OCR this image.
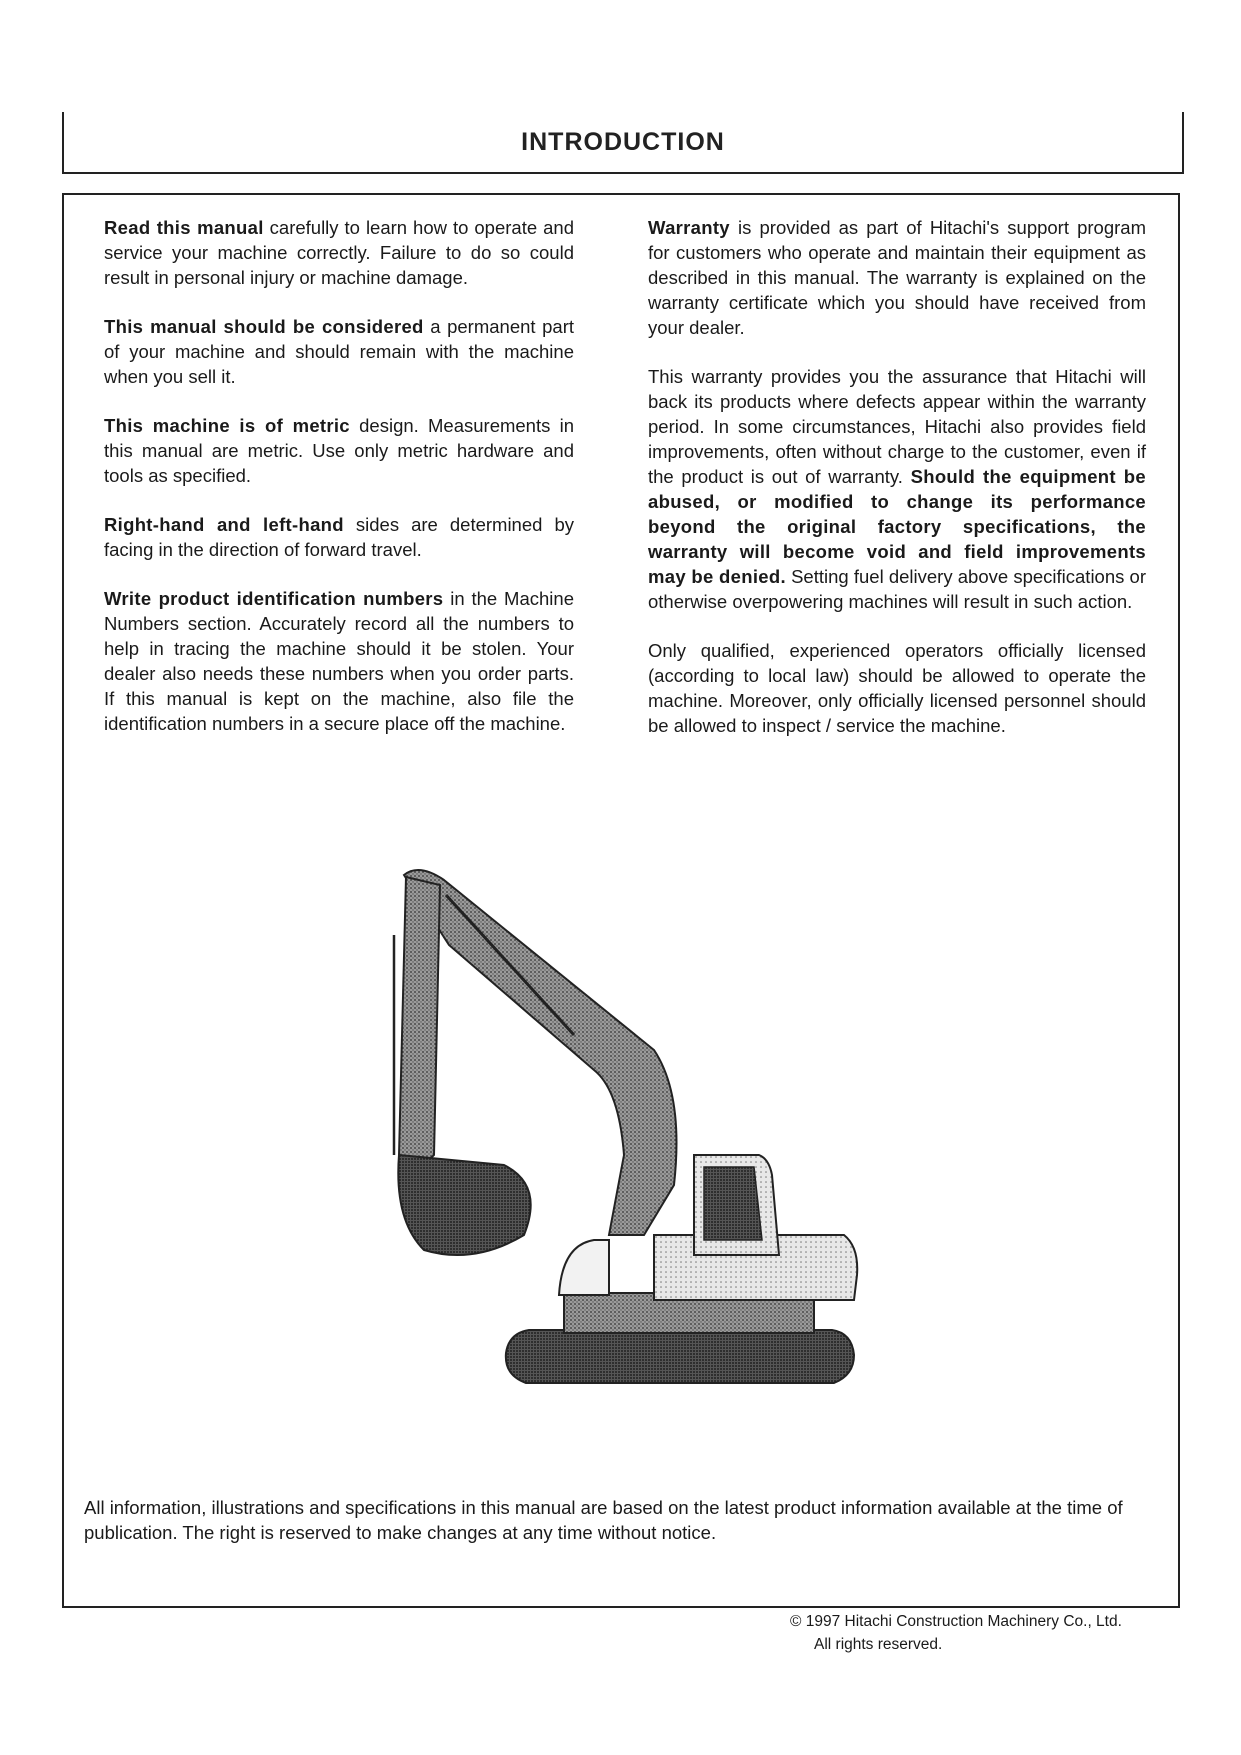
INTRODUCTION

Read this manual carefully to learn how to operate and service your machine correctly. Failure to do so could result in personal injury or machine damage.

This manual should be considered a permanent part of your machine and should remain with the machine when you sell it.

This machine is of metric design. Measurements in this manual are metric. Use only metric hardware and tools as specified.

Right-hand and left-hand sides are determined by facing in the direction of forward travel.

Write product identification numbers in the Machine Numbers section. Accurately record all the numbers to help in tracing the machine should it be stolen. Your dealer also needs these numbers when you order parts. If this manual is kept on the machine, also file the identification numbers in a secure place off the machine.

Warranty is provided as part of Hitachi's support program for customers who operate and maintain their equipment as described in this manual. The warranty is explained on the warranty certificate which you should have received from your dealer.

This warranty provides you the assurance that Hitachi will back its products where defects appear within the warranty period. In some circumstances, Hitachi also provides field improvements, often without charge to the customer, even if the product is out of warranty. Should the equipment be abused, or modified to change its performance beyond the original factory specifications, the warranty will become void and field improvements may be denied. Setting fuel delivery above specifications or otherwise overpowering machines will result in such action.

Only qualified, experienced operators officially licensed (according to local law) should be allowed to operate the machine. Moreover, only officially licensed personnel should be allowed to inspect / service the machine.

All information, illustrations and specifications in this manual are based on the latest product information available at the time of publication. The right is reserved to make changes at any time without notice.
© 1997 Hitachi Construction Machinery Co., Ltd.
All rights reserved.
